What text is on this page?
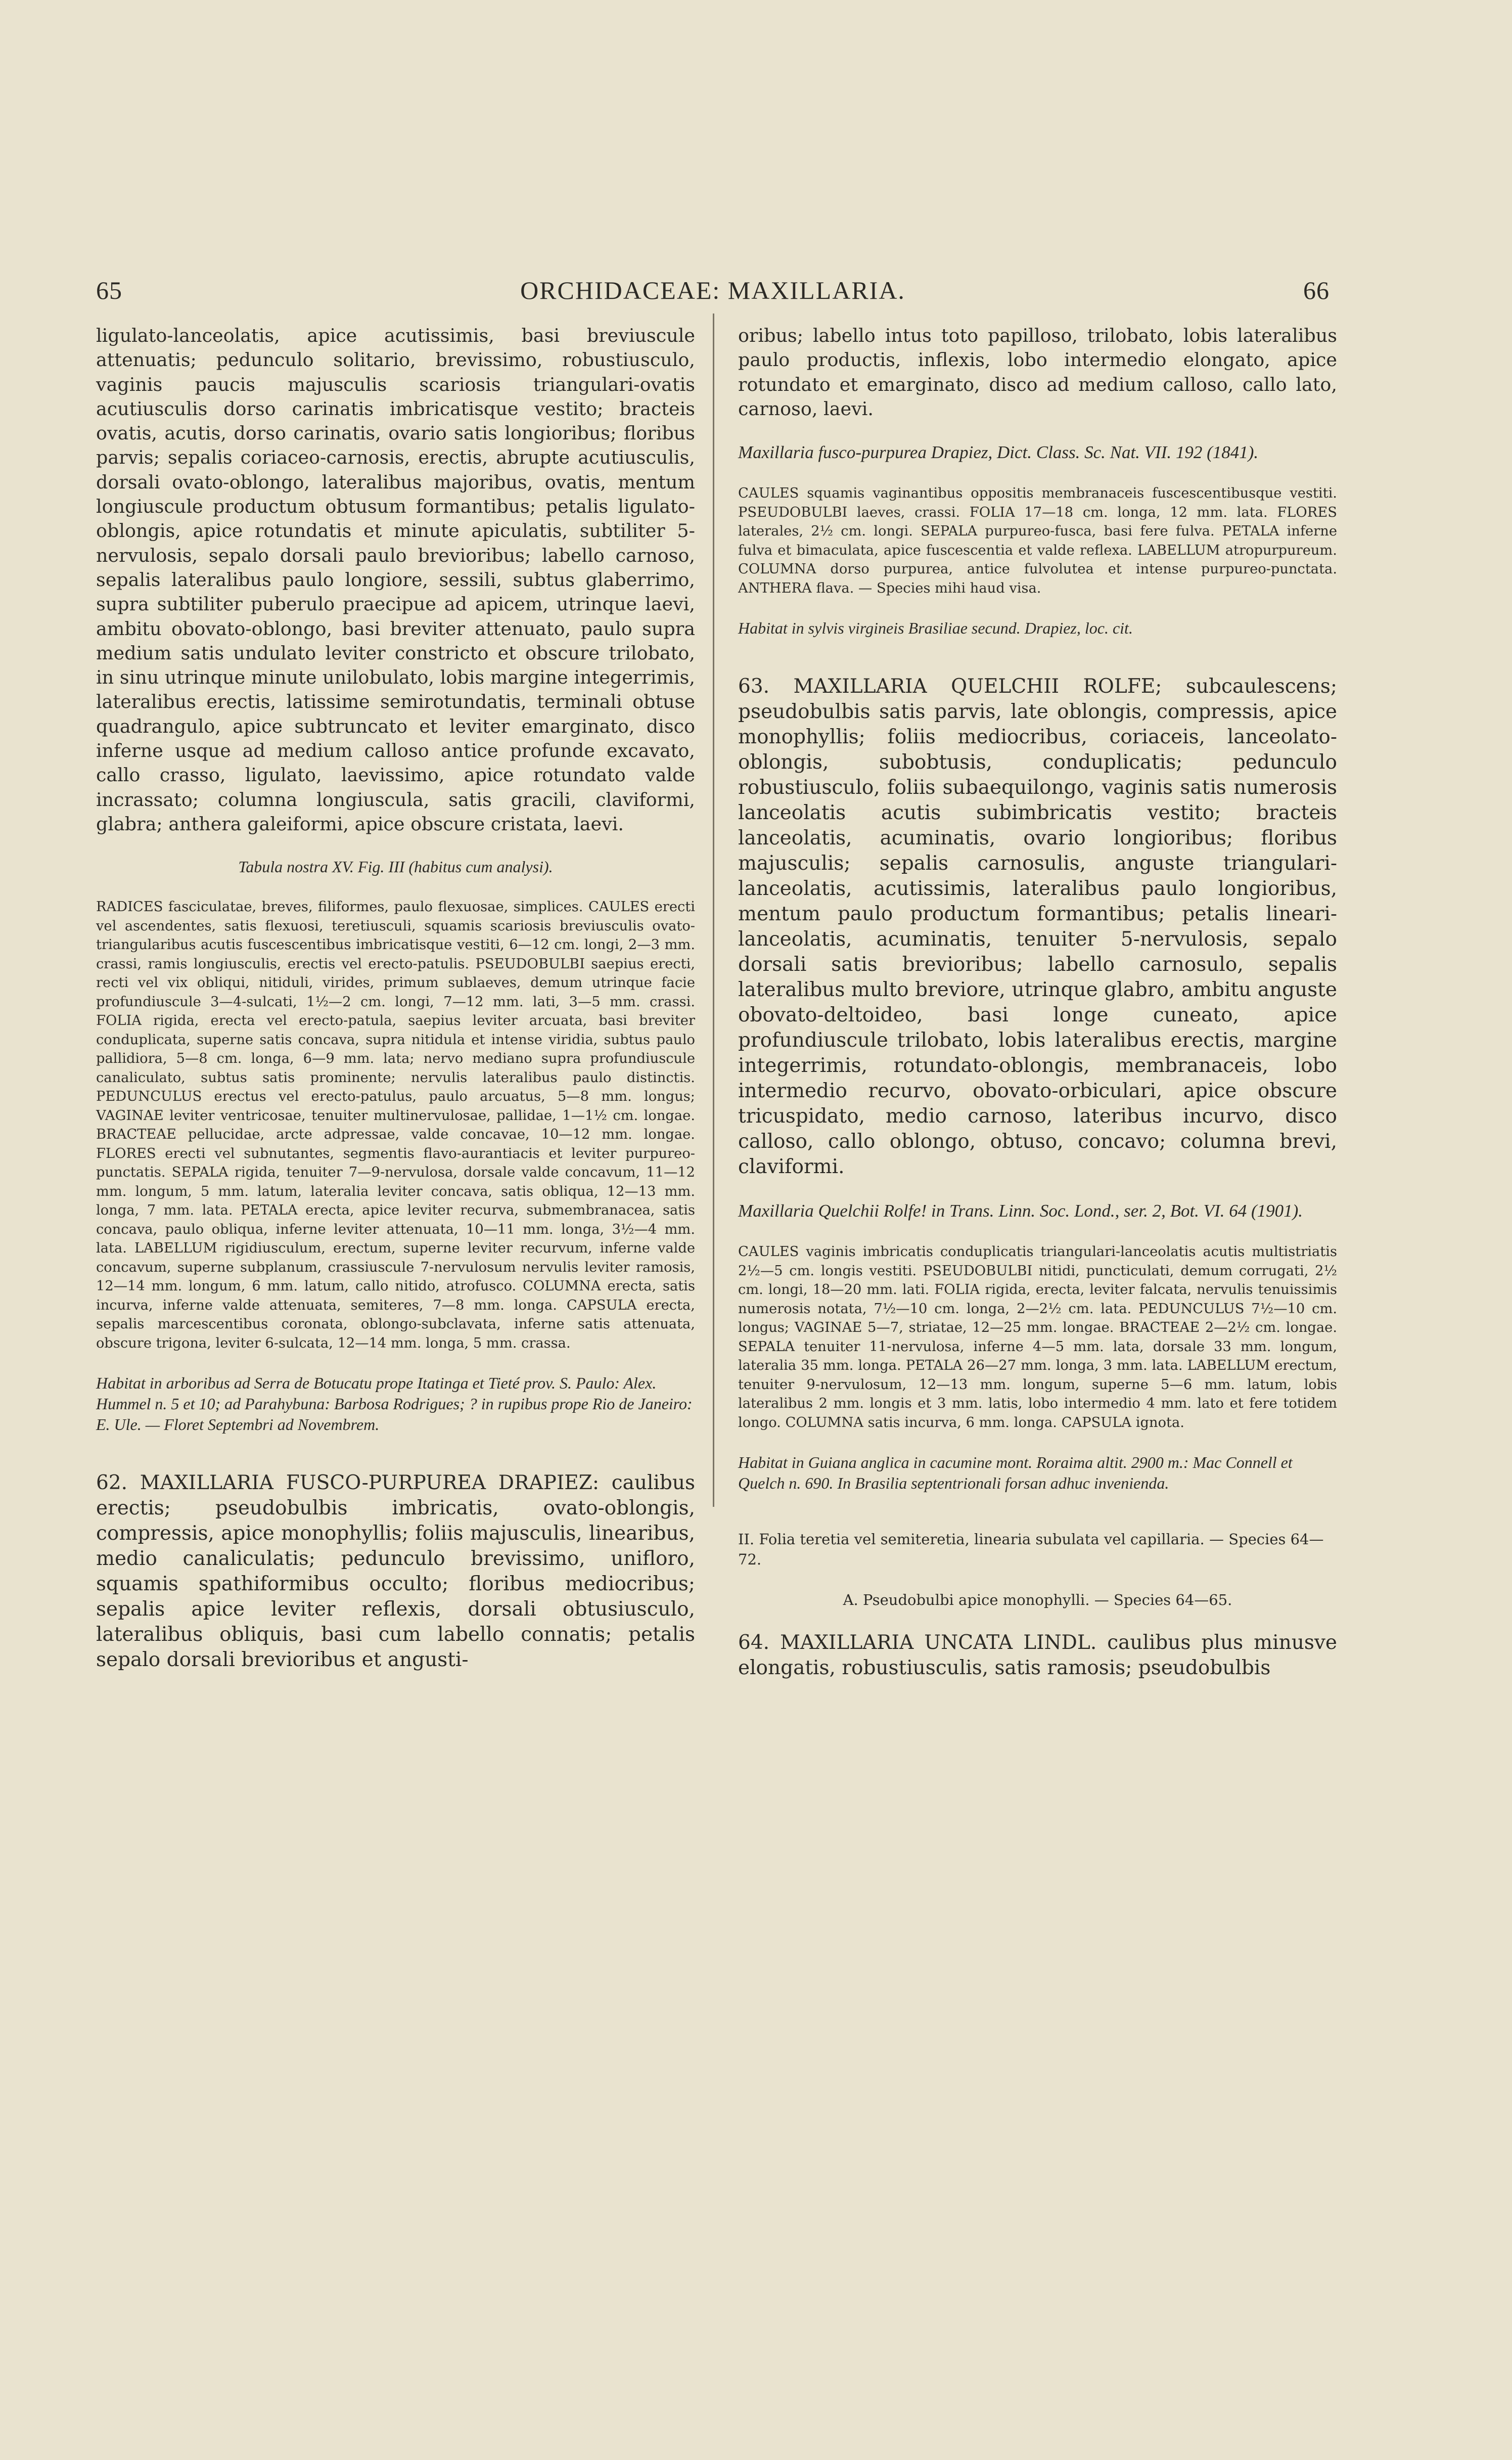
65	ORCHIDACEAE: MAXILLARIA.	66

ligulato-lanceolatis, apice acutissimis, basi breviuscule attenuatis; pedunculo solitario, brevissimo, robustiusculo, vaginis paucis majusculis scariosis triangulari-ovatis acutiusculis dorso carinatis imbricatisque vestito; bracteis ovatis, acutis, dorso carinatis, ovario satis longioribus; floribus parvis; sepalis coriaceo-carnosis, erectis, abrupte acutiusculis, dorsali ovato-oblongo, lateralibus majoribus, ovatis, mentum longiuscule productum obtusum formantibus; petalis ligulato-oblongis, apice rotundatis et minute apiculatis, subtiliter 5-nervulosis, sepalo dorsali paulo brevioribus; labello carnoso, sepalis lateralibus paulo longiore, sessili, subtus glaberrimo, supra subtiliter puberulo praecipue ad apicem, utrinque laevi, ambitu obovato-oblongo, basi breviter attenuato, paulo supra medium satis undulato leviter constricto et obscure trilobato, in sinu utrinque minute unilobulato, lobis margine integerrimis, lateralibus erectis, latissime semirotundatis, terminali obtuse quadrangulo, apice subtruncato et leviter emarginato, disco inferne usque ad medium calloso antice profunde excavato, callo crasso, ligulato, laevissimo, apice rotundato valde incrassato; columna longiuscula, satis gracili, claviformi, glabra; anthera galeiformi, apice obscure cristata, laevi.

Tabula nostra XV. Fig. III (habitus cum analysi).

RADICES fasciculatae, breves, filiformes, paulo flexuosae, simplices. CAULES erecti vel ascendentes, satis flexuosi, teretiusculi, squamis scariosis breviusculis ovato-triangularibus acutis fuscescentibus imbricatisque vestiti, 6—12 cm. longi, 2—3 mm. crassi, ramis longiusculis, erectis vel erecto-patulis. PSEUDOBULBI saepius erecti, recti vel vix obliqui, nitiduli, virides, primum sublaeves, demum utrinque facie profundiuscule 3—4-sulcati, 1½—2 cm. longi, 7—12 mm. lati, 3—5 mm. crassi. FOLIA rigida, erecta vel erecto-patula, saepius leviter arcuata, basi breviter conduplicata, superne satis concava, supra nitidula et intense viridia, subtus paulo pallidiora, 5—8 cm. longa, 6—9 mm. lata; nervo mediano supra profundiuscule canaliculato, subtus satis prominente; nervulis lateralibus paulo distinctis. PEDUNCULUS erectus vel erecto-patulus, paulo arcuatus, 5—8 mm. longus; VAGINAE leviter ventricosae, tenuiter multinervulosae, pallidae, 1—1½ cm. longae. BRACTEAE pellucidae, arcte adpressae, valde concavae, 10—12 mm. longae. FLORES erecti vel subnutantes, segmentis flavo-aurantiacis et leviter purpureo-punctatis. SEPALA rigida, tenuiter 7—9-nervulosa, dorsale valde concavum, 11—12 mm. longum, 5 mm. latum, lateralia leviter concava, satis obliqua, 12—13 mm. longa, 7 mm. lata. PETALA erecta, apice leviter recurva, submembranacea, satis concava, paulo obliqua, inferne leviter attenuata, 10—11 mm. longa, 3½—4 mm. lata. LABELLUM rigidiusculum, erectum, superne leviter recurvum, inferne valde concavum, superne subplanum, crassiuscule 7-nervulosum nervulis leviter ramosis, 12—14 mm. longum, 6 mm. latum, callo nitido, atrofusco. COLUMNA erecta, satis incurva, inferne valde attenuata, semiteres, 7—8 mm. longa. CAPSULA erecta, sepalis marcescentibus coronata, oblongo-subclavata, inferne satis attenuata, obscure trigona, leviter 6-sulcata, 12—14 mm. longa, 5 mm. crassa.

Habitat in arboribus ad Serra de Botucatu prope Itatinga et Tieté prov. S. Paulo: Alex. Hummel n. 5 et 10; ad Parahybuna: Barbosa Rodrigues; ? in rupibus prope Rio de Janeiro: E. Ule. — Floret Septembri ad Novembrem.

62. MAXILLARIA FUSCO-PURPUREA DRAPIEZ: caulibus erectis; pseudobulbis imbricatis, ovato-oblongis, compressis, apice monophyllis; foliis majusculis, linearibus, medio canaliculatis; pedunculo brevissimo, unifloro, squamis spathiformibus occulto; floribus mediocribus; sepalis apice leviter reflexis, dorsali obtusiusculo, lateralibus obliquis, basi cum labello connatis; petalis sepalo dorsali brevioribus et angusti-

oribus; labello intus toto papilloso, trilobato, lobis lateralibus paulo productis, inflexis, lobo intermedio elongato, apice rotundato et emarginato, disco ad medium calloso, callo lato, carnoso, laevi.

Maxillaria fusco-purpurea Drapiez, Dict. Class. Sc. Nat. VII. 192 (1841).

CAULES squamis vaginantibus oppositis membranaceis fuscescentibusque vestiti. PSEUDOBULBI laeves, crassi. FOLIA 17—18 cm. longa, 12 mm. lata. FLORES laterales, 2½ cm. longi. SEPALA purpureo-fusca, basi fere fulva. PETALA inferne fulva et bimaculata, apice fuscescentia et valde reflexa. LABELLUM atropurpureum. COLUMNA dorso purpurea, antice fulvolutea et intense purpureo-punctata. ANTHERA flava. — Species mihi haud visa.

Habitat in sylvis virgineis Brasiliae secund. Drapiez, loc. cit.

63. MAXILLARIA QUELCHII ROLFE; subcaulescens; pseudobulbis satis parvis, late oblongis, compressis, apice monophyllis; foliis mediocribus, coriaceis, lanceolato-oblongis, subobtusis, conduplicatis; pedunculo robustiusculo, foliis subaequilongo, vaginis satis numerosis lanceolatis acutis subimbricatis vestito; bracteis lanceolatis, acuminatis, ovario longioribus; floribus majusculis; sepalis carnosulis, anguste triangulari-lanceolatis, acutissimis, lateralibus paulo longioribus, mentum paulo productum formantibus; petalis lineari-lanceolatis, acuminatis, tenuiter 5-nervulosis, sepalo dorsali satis brevioribus; labello carnosulo, sepalis lateralibus multo breviore, utrinque glabro, ambitu anguste obovato-deltoideo, basi longe cuneato, apice profundiuscule trilobato, lobis lateralibus erectis, margine integerrimis, rotundato-oblongis, membranaceis, lobo intermedio recurvo, obovato-orbiculari, apice obscure tricuspidato, medio carnoso, lateribus incurvo, disco calloso, callo oblongo, obtuso, concavo; columna brevi, claviformi.

Maxillaria Quelchii Rolfe! in Trans. Linn. Soc. Lond., ser. 2, Bot. VI. 64 (1901).

CAULES vaginis imbricatis conduplicatis triangulari-lanceolatis acutis multistriatis 2½—5 cm. longis vestiti. PSEUDOBULBI nitidi, puncticulati, demum corrugati, 2½ cm. longi, 18—20 mm. lati. FOLIA rigida, erecta, leviter falcata, nervulis tenuissimis numerosis notata, 7½—10 cm. longa, 2—2½ cm. lata. PEDUNCULUS 7½—10 cm. longus; VAGINAE 5—7, striatae, 12—25 mm. longae. BRACTEAE 2—2½ cm. longae. SEPALA tenuiter 11-nervulosa, inferne 4—5 mm. lata, dorsale 33 mm. longum, lateralia 35 mm. longa. PETALA 26—27 mm. longa, 3 mm. lata. LABELLUM erectum, tenuiter 9-nervulosum, 12—13 mm. longum, superne 5—6 mm. latum, lobis lateralibus 2 mm. longis et 3 mm. latis, lobo intermedio 4 mm. lato et fere totidem longo. COLUMNA satis incurva, 6 mm. longa. CAPSULA ignota.

Habitat in Guiana anglica in cacumine mont. Roraima altit. 2900 m.: Mac Connell et Quelch n. 690. In Brasilia septentrionali forsan adhuc invenienda.

II. Folia teretia vel semiteretia, linearia subulata vel capillaria. — Species 64—72.

A. Pseudobulbi apice monophylli. — Species 64—65.

64. MAXILLARIA UNCATA LINDL. caulibus plus minusve elongatis, robustiusculis, satis ramosis; pseudobulbis
